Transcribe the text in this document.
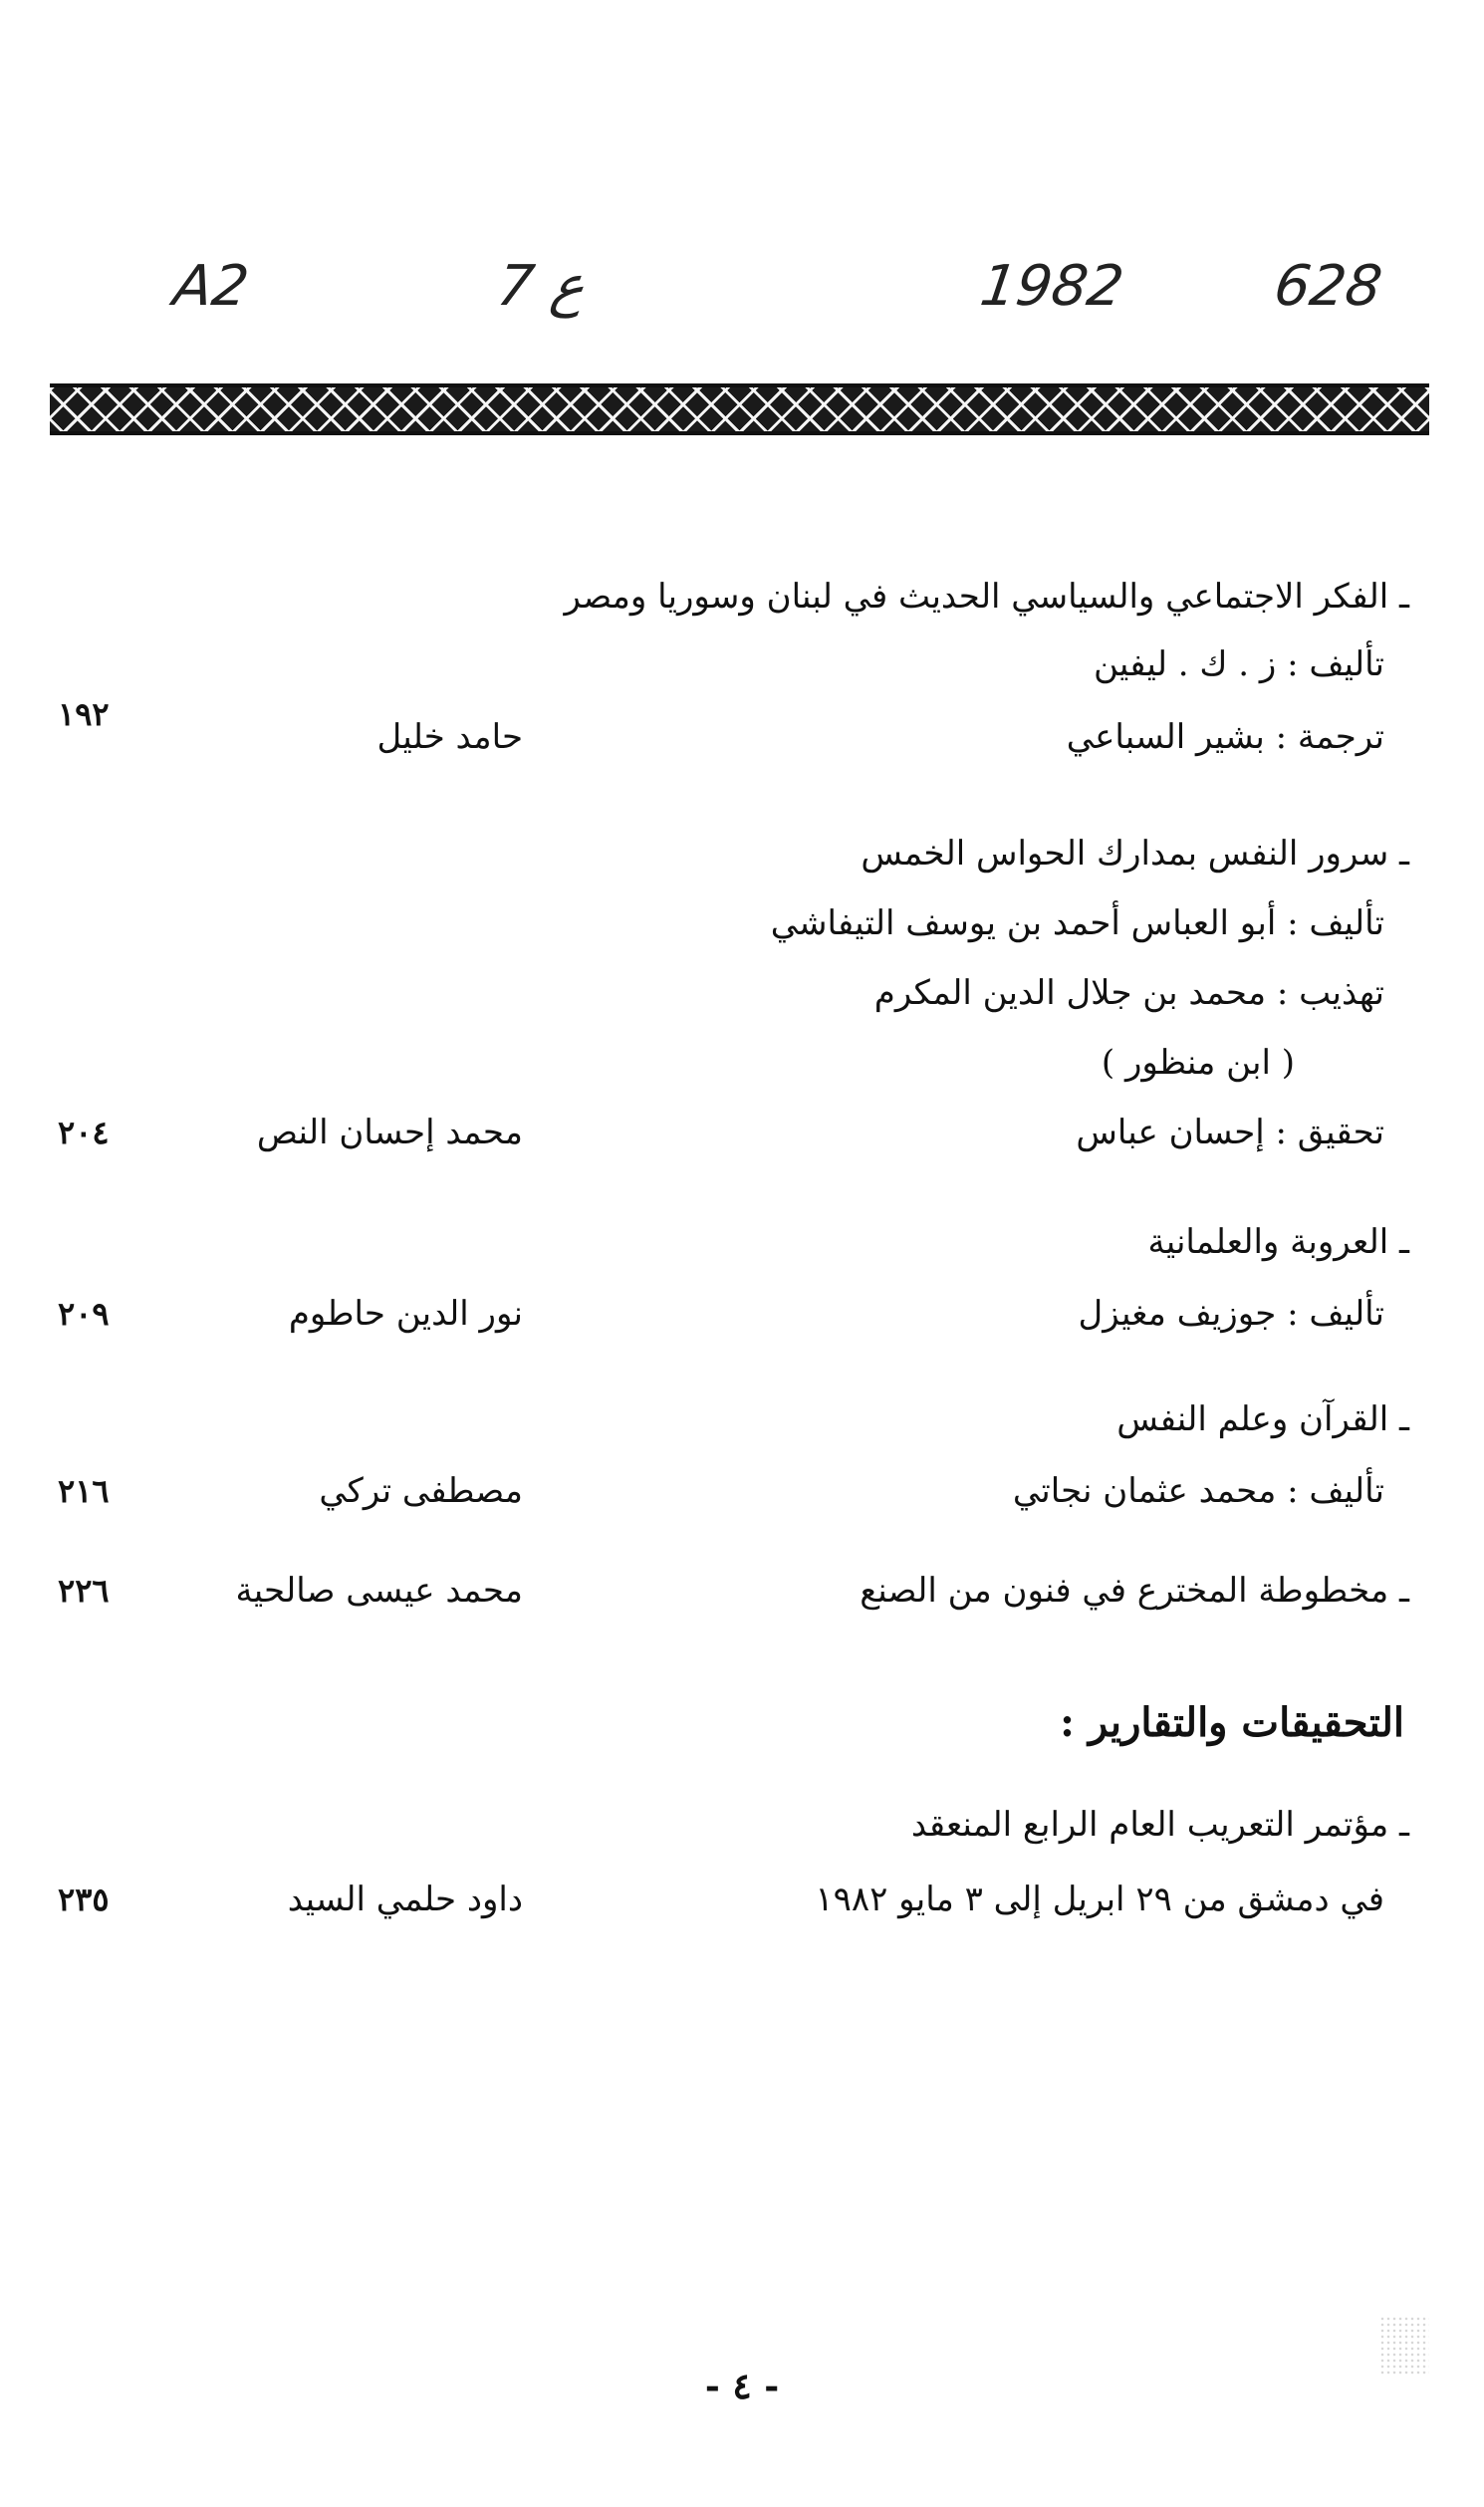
628
1982
ع 7
A2
ـ الفكر الاجتماعي والسياسي الحديث في لبنان وسوريا ومصر
تأليف : ز . ك . ليفين
ترجمة : بشير السباعي
حامد خليل
١٩٢
ـ سرور النفس بمدارك الحواس الخمس
تأليف : أبو العباس أحمد بن يوسف التيفاشي
تهذيب : محمد بن جلال الدين المكرم
( ابن منظور )
تحقيق : إحسان عباس
محمد إحسان النص
٢٠٤
ـ العروبة والعلمانية
تأليف : جوزيف مغيزل
نور الدين حاطوم
٢٠٩
ـ القرآن وعلم النفس
تأليف : محمد عثمان نجاتي
مصطفى تركي
٢١٦
ـ مخطوطة المخترع في فنون من الصنع
محمد عيسى صالحية
٢٢٦
التحقيقات والتقارير :
ـ مؤتمر التعريب العام الرابع المنعقد
في دمشق من ٢٩ ابريل إلى ٣ مايو ١٩٨٢
داود حلمي السيد
٢٣٥
- ٤ -
